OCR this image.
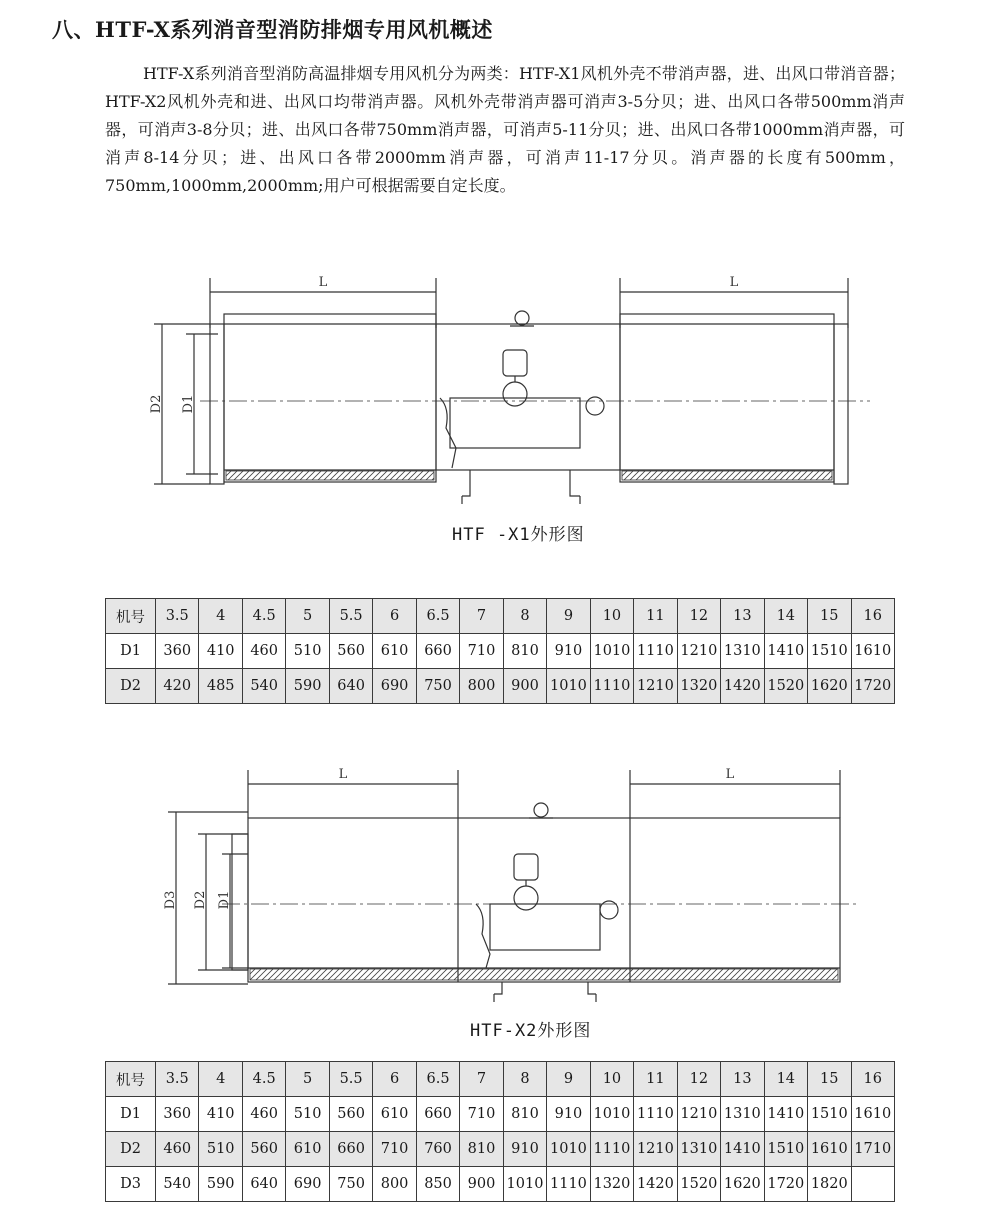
八、HTF-X系列消音型消防排烟专用风机概述

HTF-X系列消音型消防高温排烟专用风机分为两类：HTF-X1风机外壳不带消声器，进、出风口带消音器；HTF-X2风机外壳和进、出风口均带消声器。风机外壳带消声器可消声3-5分贝；进、出风口各带500mm消声器，可消声3-8分贝；进、出风口各带750mm消声器，可消声5-11分贝；进、出风口各带1000mm消声器，可消声8-14分贝；进、出风口各带2000mm消声器，可消声11-17分贝。消声器的长度有500mm，750mm,1000mm,2000mm;用户可根据需要自定长度。

L	L
D2 D1
HTF -X1外形图
机号	3.5	4	4.5	5	5.5	6	6.5	7	8	9	10	11	12	13	14	15	16
D1	360	410	460	510	560	610	660	710	810	910	1010	1110	1210	1310	1410	1510	1610
D2	420	485	540	590	640	690	750	800	900	1010	1110	1210	1320	1420	1520	1620	1720
L	L
D3 D2 D1
HTF-X2外形图
机号	3.5	4	4.5	5	5.5	6	6.5	7	8	9	10	11	12	13	14	15	16
D1	360	410	460	510	560	610	660	710	810	910	1010	1110	1210	1310	1410	1510	1610
D2	460	510	560	610	660	710	760	810	910	1010	1110	1210	1310	1410	1510	1610	1710
D3	540	590	640	690	750	800	850	900	1010	1110	1320	1420	1520	1620	1720	1820	
